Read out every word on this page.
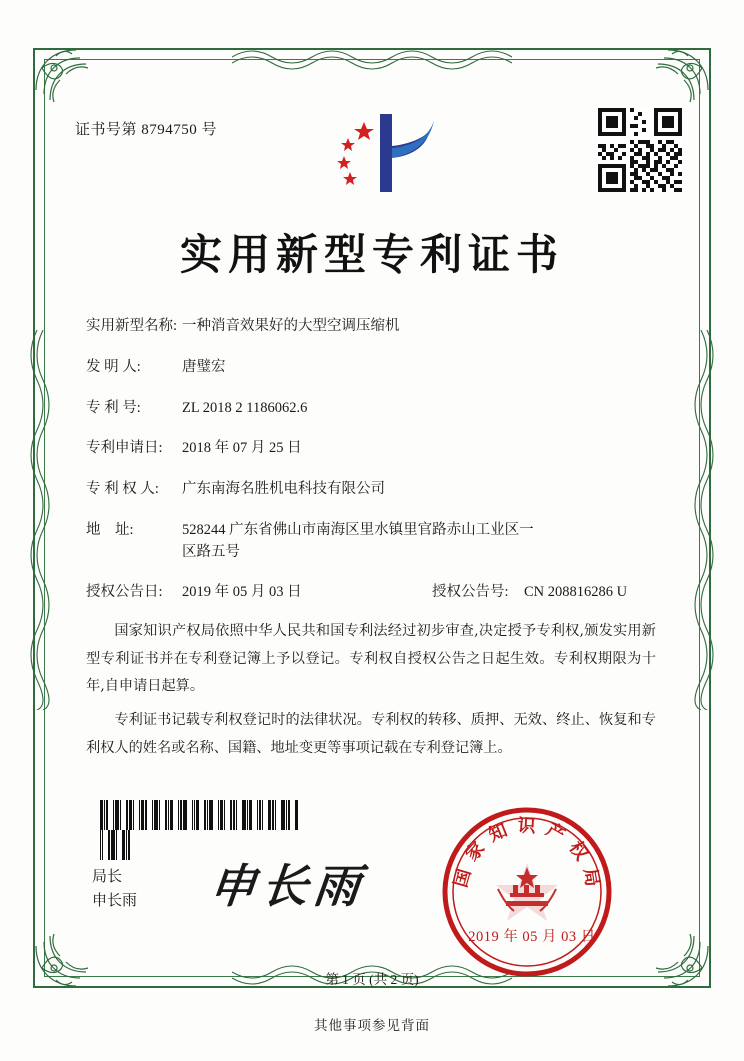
证书号第 8794750 号
实用新型专利证书
实用新型名称: 一种消音效果好的大型空调压缩机
发 明 人:	唐璧宏
专 利 号:	ZL 2018 2 1186062.6
专利申请日:	2018 年 07 月 25 日
专 利 权 人:	广东南海名胜机电科技有限公司
地    址:	528244 广东省佛山市南海区里水镇里官路赤山工业区一
区路五号
授权公告日:	2019 年 05 月 03 日	授权公告号:	CN 208816286 U

国家知识产权局依照中华人民共和国专利法经过初步审查,决定授予专利权,颁发实用新型专利证书并在专利登记簿上予以登记。专利权自授权公告之日起生效。专利权期限为十年,自申请日起算。

专利证书记载专利权登记时的法律状况。专利权的转移、质押、无效、终止、恢复和专利权人的姓名或名称、国籍、地址变更等事项记载在专利登记簿上。

局长
申长雨 申长雨	国家知识产权局
2019 年 05 月 03 日
第 1 页 (共 2 页)
其他事项参见背面
